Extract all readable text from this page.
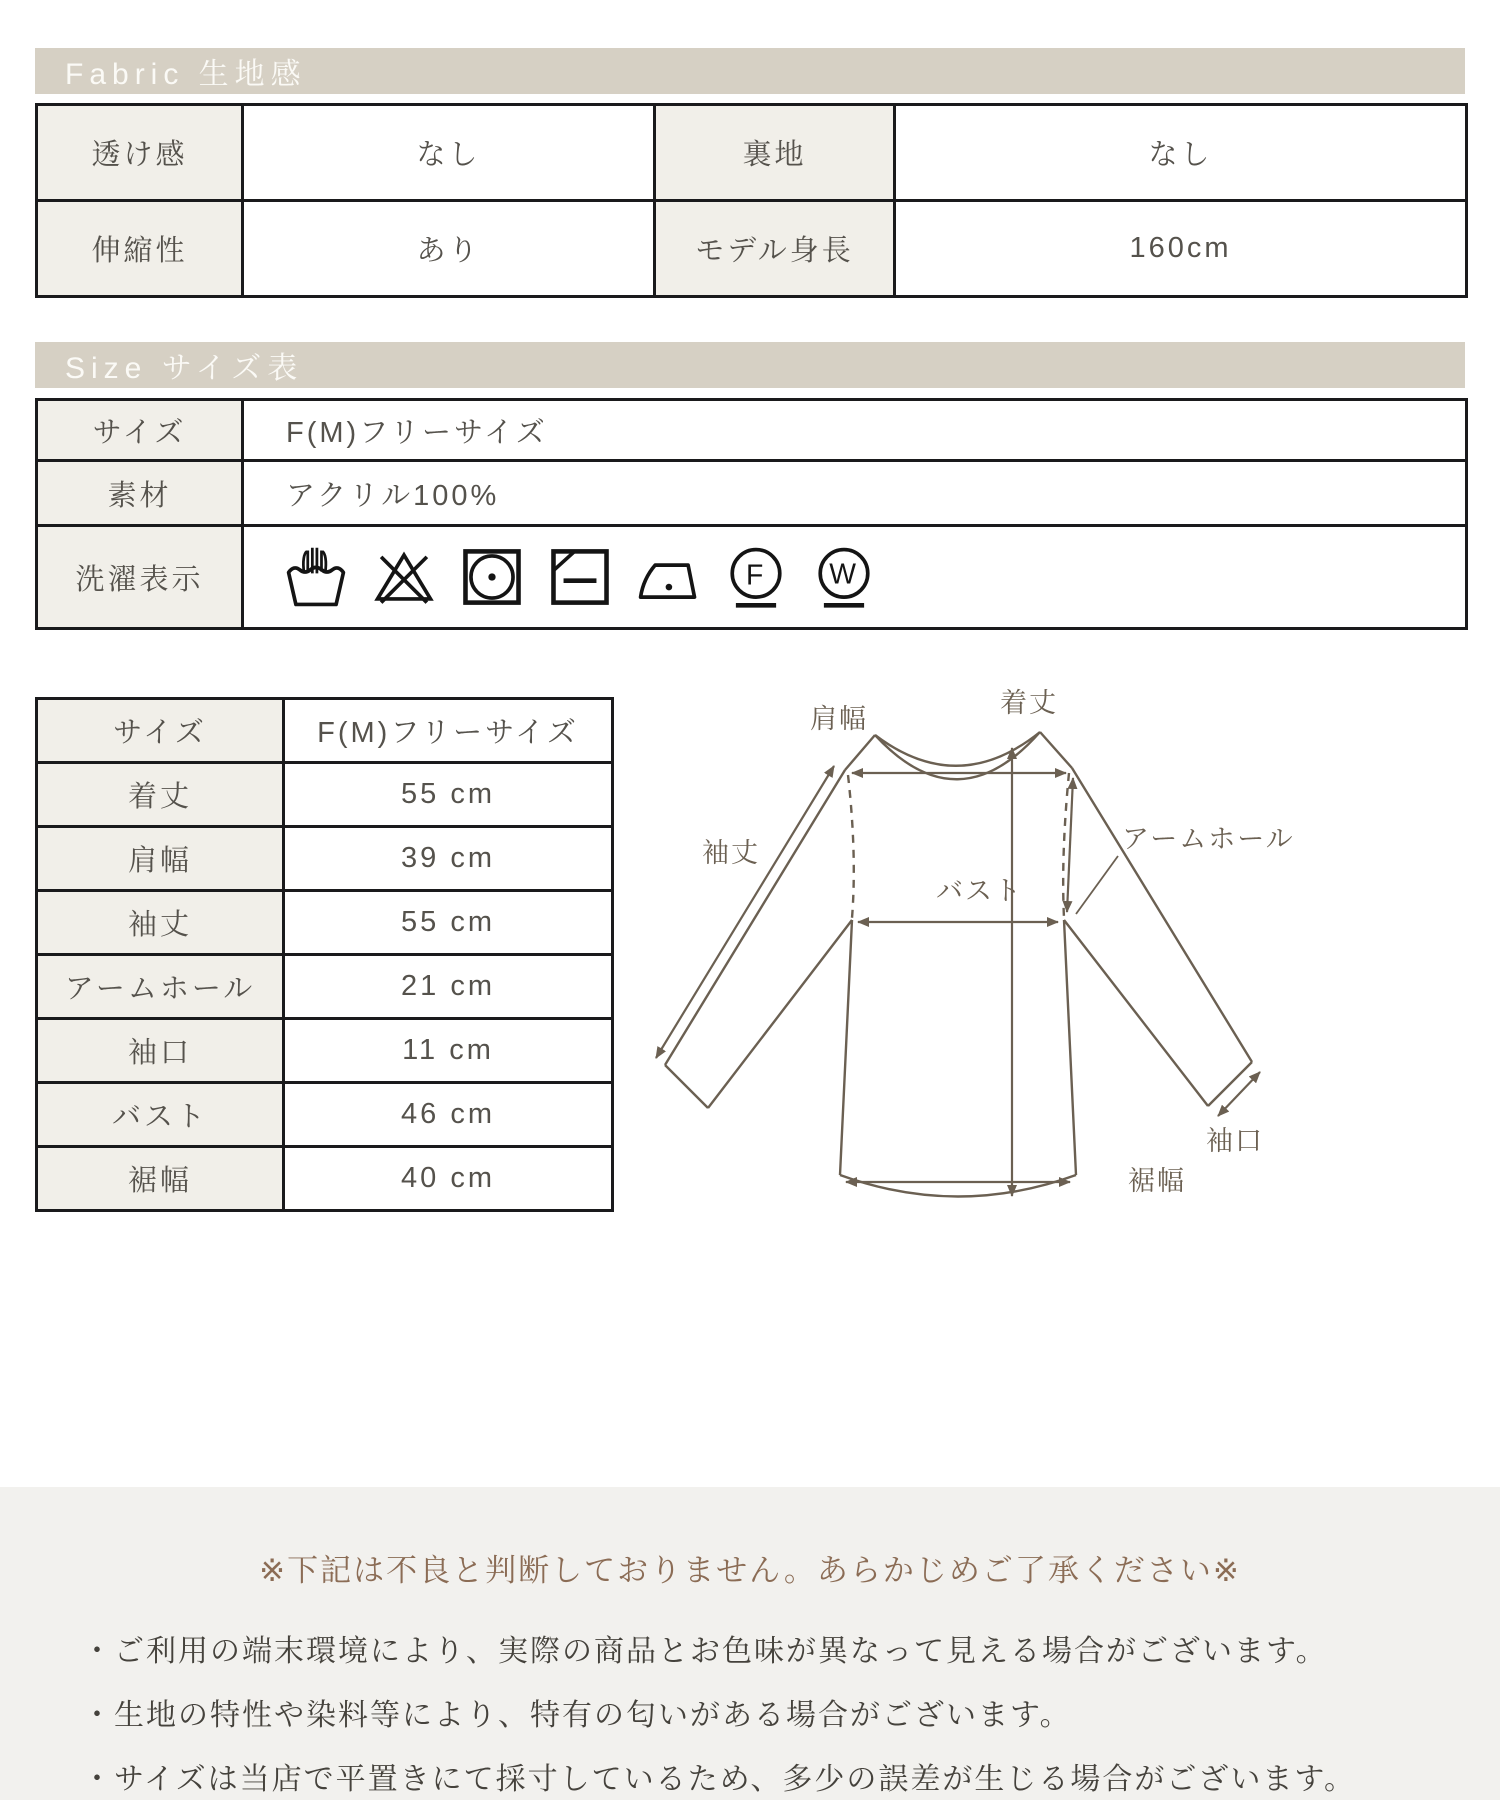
Fabric 生地感
透け感	なし	裏地	なし
伸縮性	あり	モデル身長	160cm
Size サイズ表
サイズ	F(M)フリーサイズ
素材	アクリル100%
洗濯表示	F W
サイズ	F(M)フリーサイズ
着丈	55 cm
肩幅	39 cm
袖丈	55 cm
アームホール	21 cm
袖口	11 cm
バスト	46 cm
裾幅	40 cm
肩幅
着丈
袖丈	アームホール
バスト
袖口
裾幅
※下記は不良と判断しておりません。あらかじめご了承ください※
・ご利用の端末環境により、実際の商品とお色味が異なって見える場合がございます。
・生地の特性や染料等により、特有の匂いがある場合がございます。
・サイズは当店で平置きにて採寸しているため、多少の誤差が生じる場合がございます。
